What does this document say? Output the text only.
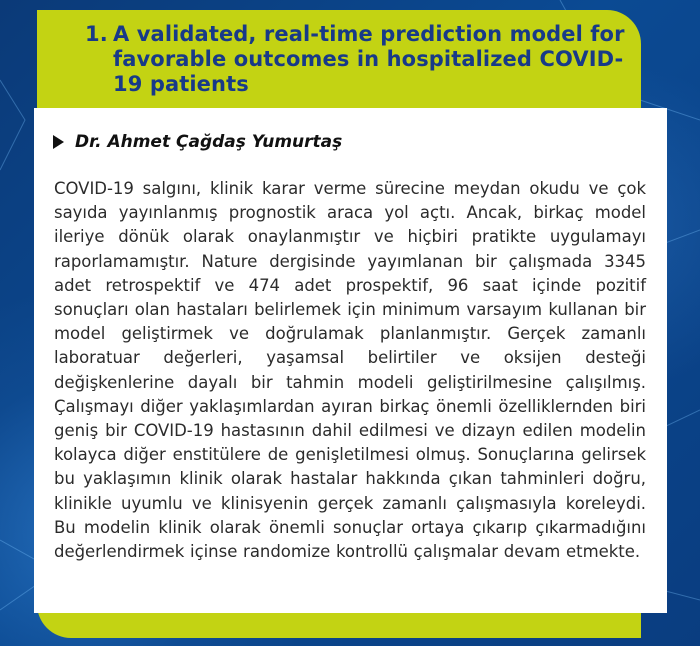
1. A validated, real-time prediction model for favorable outcomes in hospitalized COVID-19 patients
Dr. Ahmet Çağdaş Yumurtaş

COVID-19 salgını, klinik karar verme sürecine meydan okudu ve çok sayıda yayınlanmış prognostik araca yol açtı. Ancak, birkaç model ileriye dönük olarak onaylanmıştır ve hiçbiri pratikte uygulamayı raporlamamıştır. Nature dergisinde yayımlanan bir çalışmada 3345 adet retrospektif ve 474 adet prospektif, 96 saat içinde pozitif sonuçları olan hastaları belirlemek için minimum varsayım kullanan bir model geliştirmek ve doğrulamak planlanmıştır. Gerçek zamanlı laboratuar değerleri, yaşamsal belirtiler ve oksijen desteği değişkenlerine dayalı bir tahmin modeli geliştirilmesine çalışılmış. Çalışmayı diğer yaklaşımlardan ayıran birkaç önemli özelliklernden biri geniş bir COVID-19 hastasının dahil edilmesi ve dizayn edilen modelin kolayca diğer enstitülere de genişletilmesi olmuş. Sonuçlarına gelirsek bu yaklaşımın klinik olarak hastalar hakkında çıkan tahminleri doğru, klinikle uyumlu ve klinisyenin gerçek zamanlı çalışmasıyla koreleydi. Bu modelin klinik olarak önemli sonuçlar ortaya çıkarıp çıkarmadığını değerlendirmek içinse randomize kontrollü çalışmalar devam etmekte.
